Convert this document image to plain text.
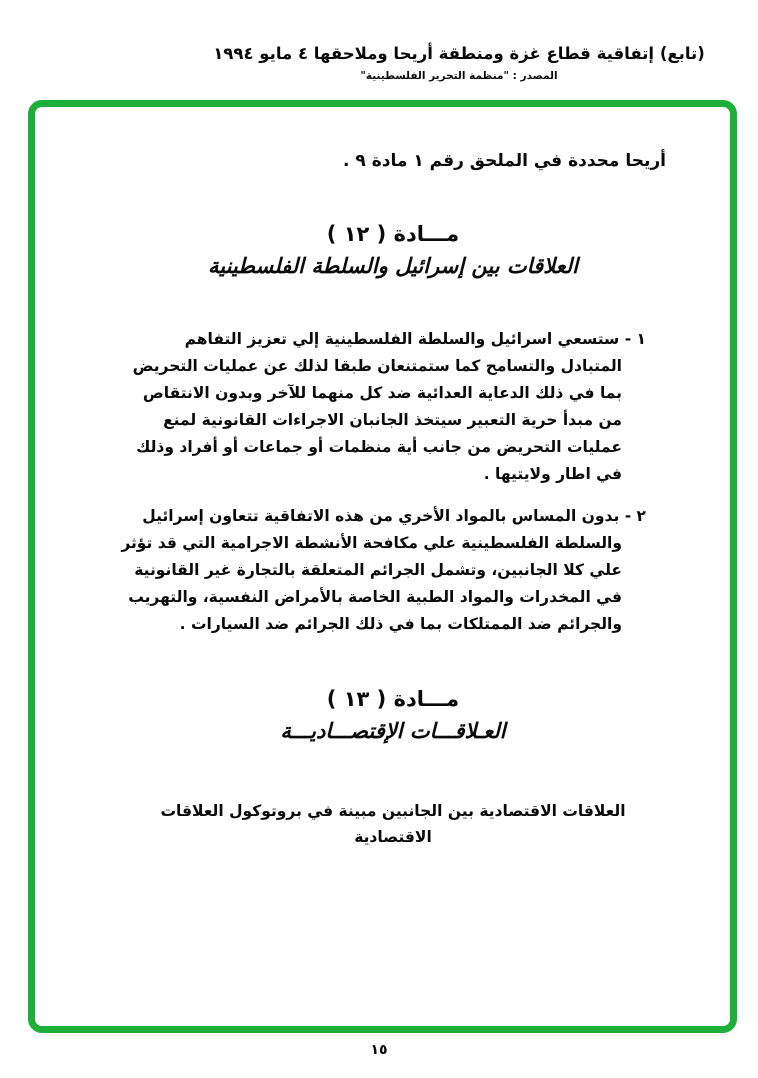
(تابع) إتفاقية قطاع غزة ومنطقة أريحا وملاحقها ٤ مايو ١٩٩٤
المصدر : "منظمة التحرير الفلسطينية"
أريحا محددة في الملحق رقم ١ مادة ٩ .
مـــادة ( ١٢ )
العلاقات بين إسرائيل والسلطة الفلسطينية

١ - ستسعي اسرائيل والسلطة الفلسطينية إلي تعزيز التفاهم المتبادل والتسامح كما ستمتنعان طبقا لذلك عن عمليات التحريض بما في ذلك الدعاية العدائية ضد كل منهما للآخر وبدون الانتقاص من مبدأ حرية التعبير سيتخذ الجانبان الاجراءات القانونية لمنع عمليات التحريض من جانب أية منظمات أو جماعات أو أفراد وذلك في اطار ولايتيها .

٢ - بدون المساس بالمواد الأخري من هذه الاتفاقية تتعاون إسرائيل والسلطة الفلسطينية علي مكافحة الأنشطة الاجرامية التي قد تؤثر علي كلا الجانبين، وتشمل الجرائم المتعلقة بالتجارة غير القانونية في المخدرات والمواد الطبية الخاصة بالأمراض النفسية، والتهريب والجرائم ضد الممتلكات بما في ذلك الجرائم ضد السيارات .

مـــادة ( ١٣ )
العـلاقـــات الإقتصـــاديـــة

العلاقات الاقتصادية بين الجانبين مبينة في بروتوكول العلاقات الاقتصادية

١٥
